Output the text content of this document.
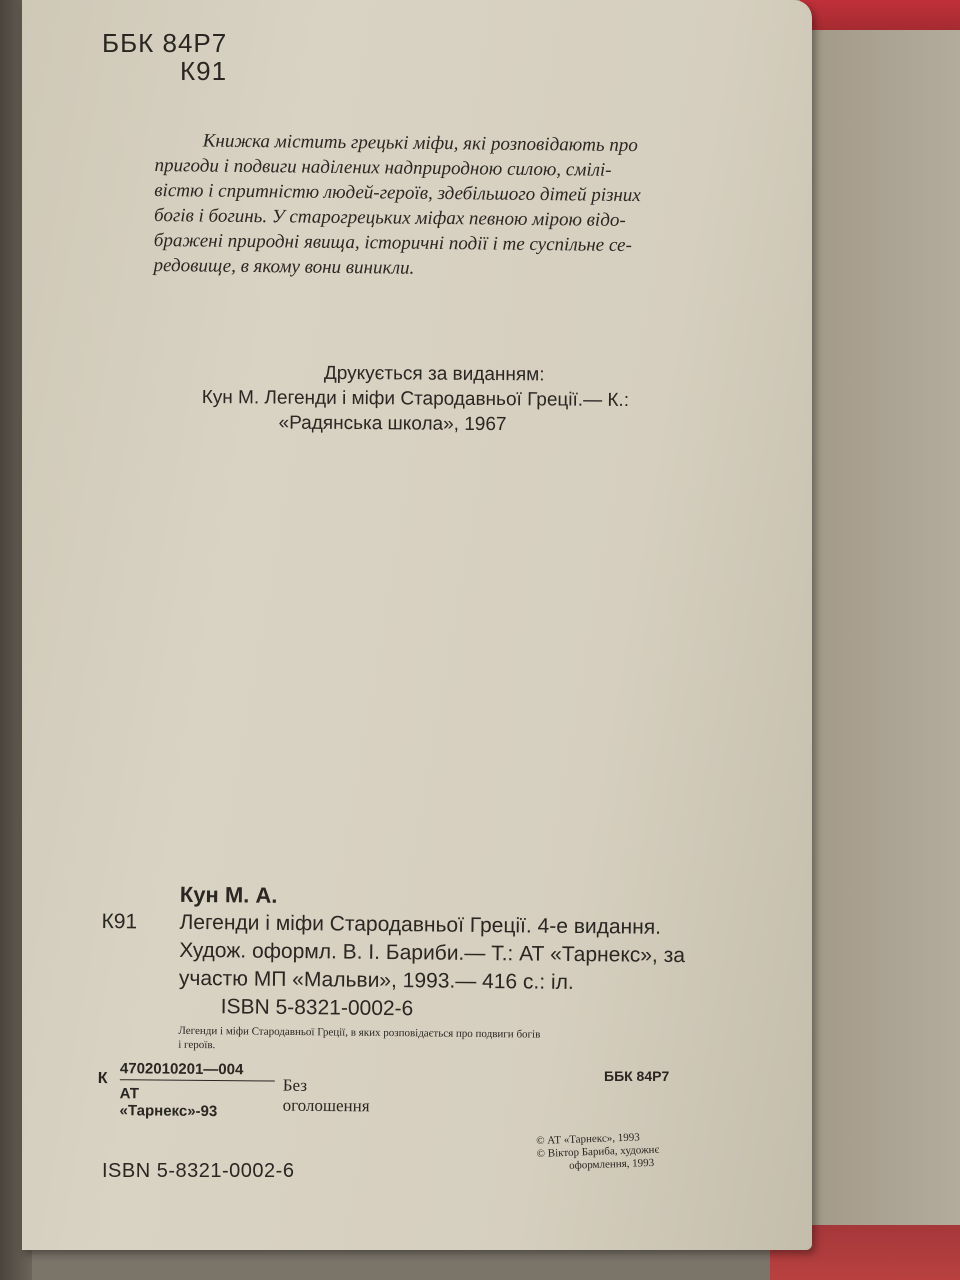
ББК 84Р7
К91
Книжка містить грецькі міфи, які розповідають про
пригоди і подвиги наділених надприродною силою, смілі-
вістю і спритністю людей-героїв, здебільшого дітей різних
богів і богинь. У старогрецьких міфах певною мірою відо-
бражені природні явища, історичні події і те суспільне се-
редовище, в якому вони виникли.
Друкується за виданням:
Кун М. Легенди і міфи Стародавньої Греції.— К.:
«Радянська школа», 1967
Кун М. А.
К91 Легенди і міфи Стародавньої Греції. 4-е видання.
Худож. оформл. В. І. Бариби.— Т.: АТ «Тарнекс», за
участю МП «Мальви», 1993.— 416 с.: іл.
ISBN 5-8321-0002-6
Легенди і міфи Стародавньої Греції, в яких розповідається про подвиги богів
і героїв.
К
4702010201—004
АТ «Тарнекс»-93
Без оголошення
ББК 84Р7
ISBN 5-8321-0002-6
© АТ «Тарнекс», 1993
© Віктор Бариба, художнє
оформлення, 1993
